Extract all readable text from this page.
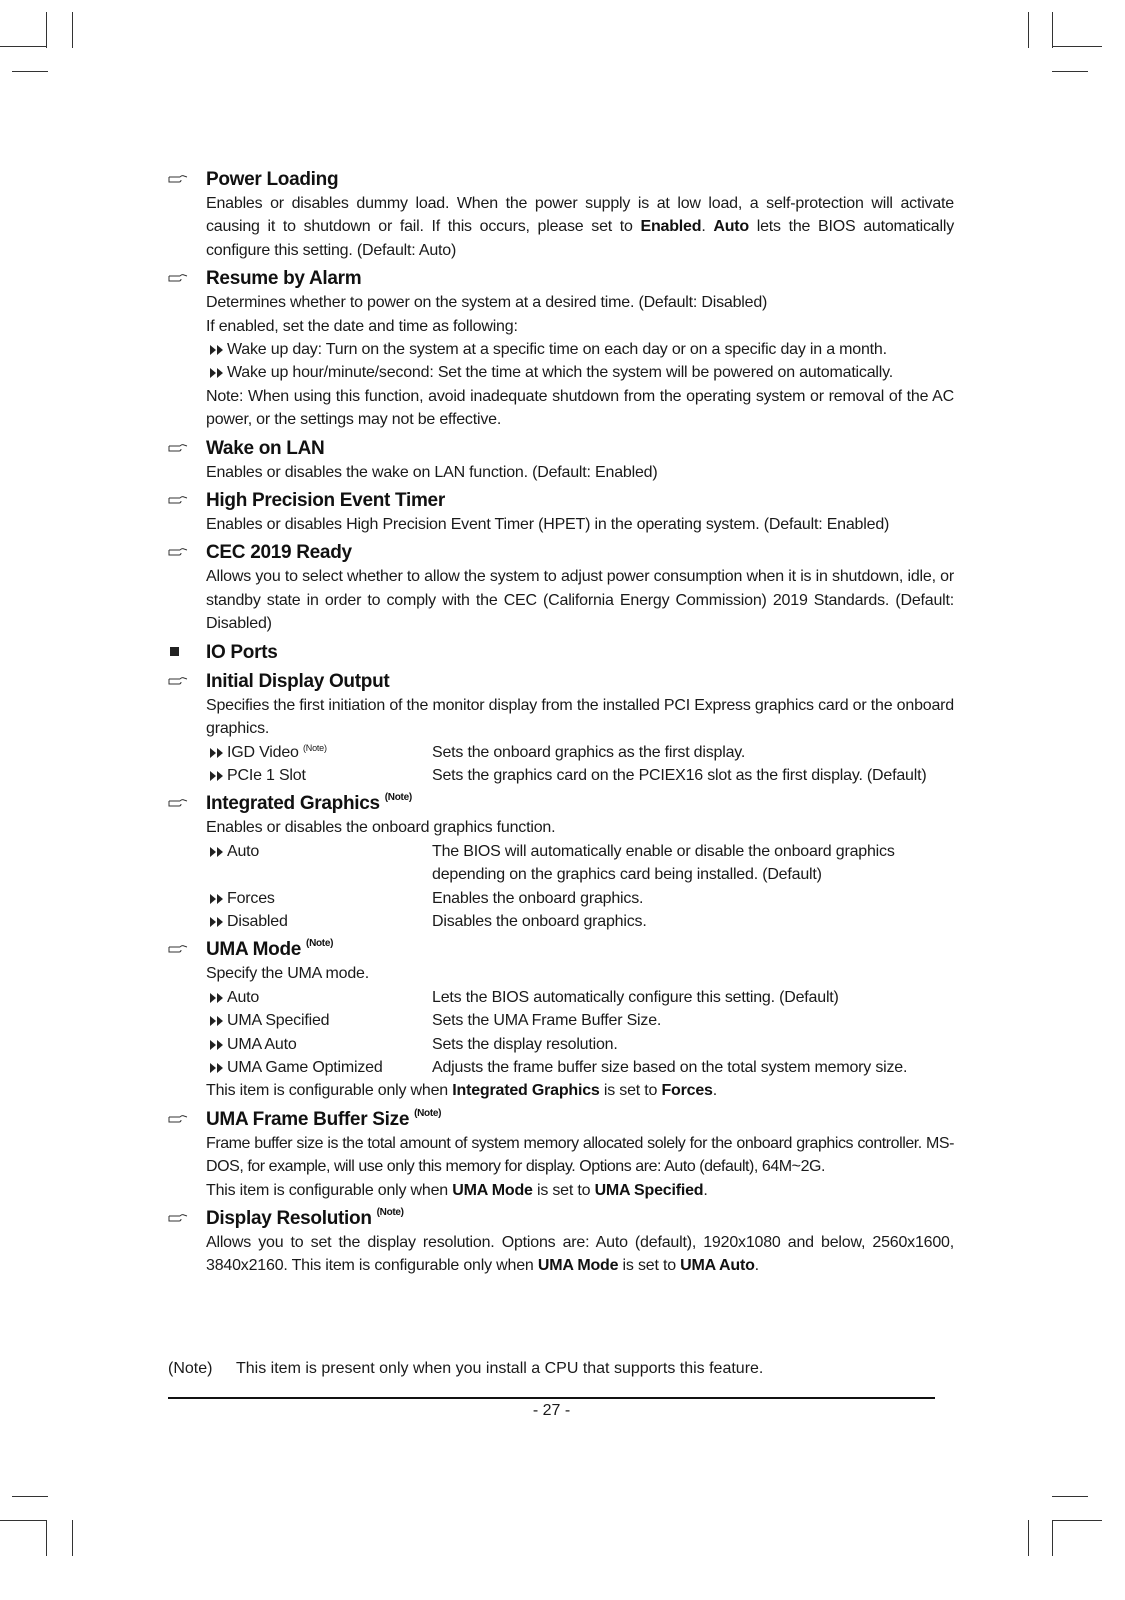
Power Loading

Enables or disables dummy load. When the power supply is at low load, a self-protection will activate causing it to shutdown or fail. If this occurs, please set to Enabled. Auto lets the BIOS automatically configure this setting. (Default: Auto)

Resume by Alarm

Determines whether to power on the system at a desired time. (Default: Disabled)

If enabled, set the date and time as following:

Wake up day: Turn on the system at a specific time on each day or on a specific day in a month.
Wake up hour/minute/second: Set the time at which the system will be powered on automatically.

Note: When using this function, avoid inadequate shutdown from the operating system or removal of the AC power, or the settings may not be effective.

Wake on LAN

Enables or disables the wake on LAN function. (Default: Enabled)

High Precision Event Timer

Enables or disables High Precision Event Timer (HPET) in the operating system. (Default: Enabled)

CEC 2019 Ready

Allows you to select whether to allow the system to adjust power consumption when it is in shutdown, idle, or standby state in order to comply with the CEC (California Energy Commission) 2019 Standards. (Default: Disabled)

IO Ports
Initial Display Output

Specifies the first initiation of the monitor display from the installed PCI Express graphics card or the onboard graphics.

IGD Video $^{(Note)}$	Sets the onboard graphics as the first display.
PCIe 1 Slot	Sets the graphics card on the PCIEX16 slot as the first display. (Default)
Integrated Graphics $^{(Note)}$

Enables or disables the onboard graphics function.

Auto	The BIOS will automatically enable or disable the onboard graphics depending on the graphics card being installed. (Default)
Forces	Enables the onboard graphics.
Disabled	Disables the onboard graphics.
UMA Mode $^{(Note)}$

Specify the UMA mode.

Auto	Lets the BIOS automatically configure this setting. (Default)
UMA Specified	Sets the UMA Frame Buffer Size.
UMA Auto	Sets the display resolution.
UMA Game Optimized	Adjusts the frame buffer size based on the total system memory size.

This item is configurable only when Integrated Graphics is set to Forces.

UMA Frame Buffer Size $^{(Note)}$

Frame buffer size is the total amount of system memory allocated solely for the onboard graphics controller. MS-DOS, for example, will use only this memory for display. Options are: Auto (default), 64M~2G.

This item is configurable only when UMA Mode is set to UMA Specified.

Display Resolution $^{(Note)}$

Allows you to set the display resolution. Options are: Auto (default), 1920x1080 and below, 2560x1600, 3840x2160. This item is configurable only when UMA Mode is set to UMA Auto.

(Note) This item is present only when you install a CPU that supports this feature.
- 27 -
